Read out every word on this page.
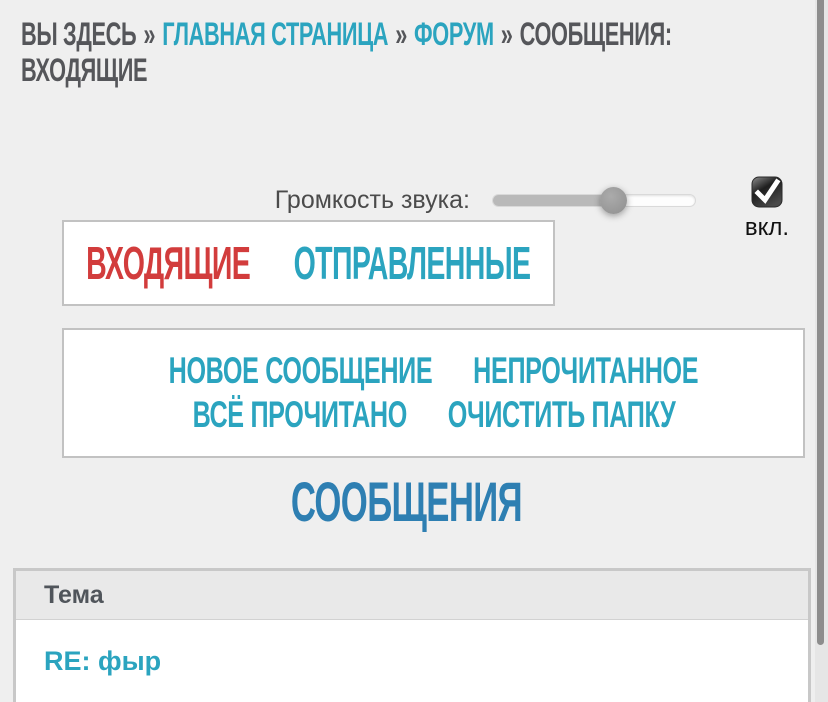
ВЫ ЗДЕСЬ » ГЛАВНАЯ СТРАНИЦА » ФОРУМ » СООБЩЕНИЯ:
ВХОДЯЩИЕ
Громкость звука:
вкл.
ВХОДЯЩИЕ ОТПРАВЛЕННЫЕ
НОВОЕ СООБЩЕНИЕ НЕПРОЧИТАННОЕ
ВСЁ ПРОЧИТАНО ОЧИСТИТЬ ПАПКУ
СООБЩЕНИЯ
Тема
RE: фыр
